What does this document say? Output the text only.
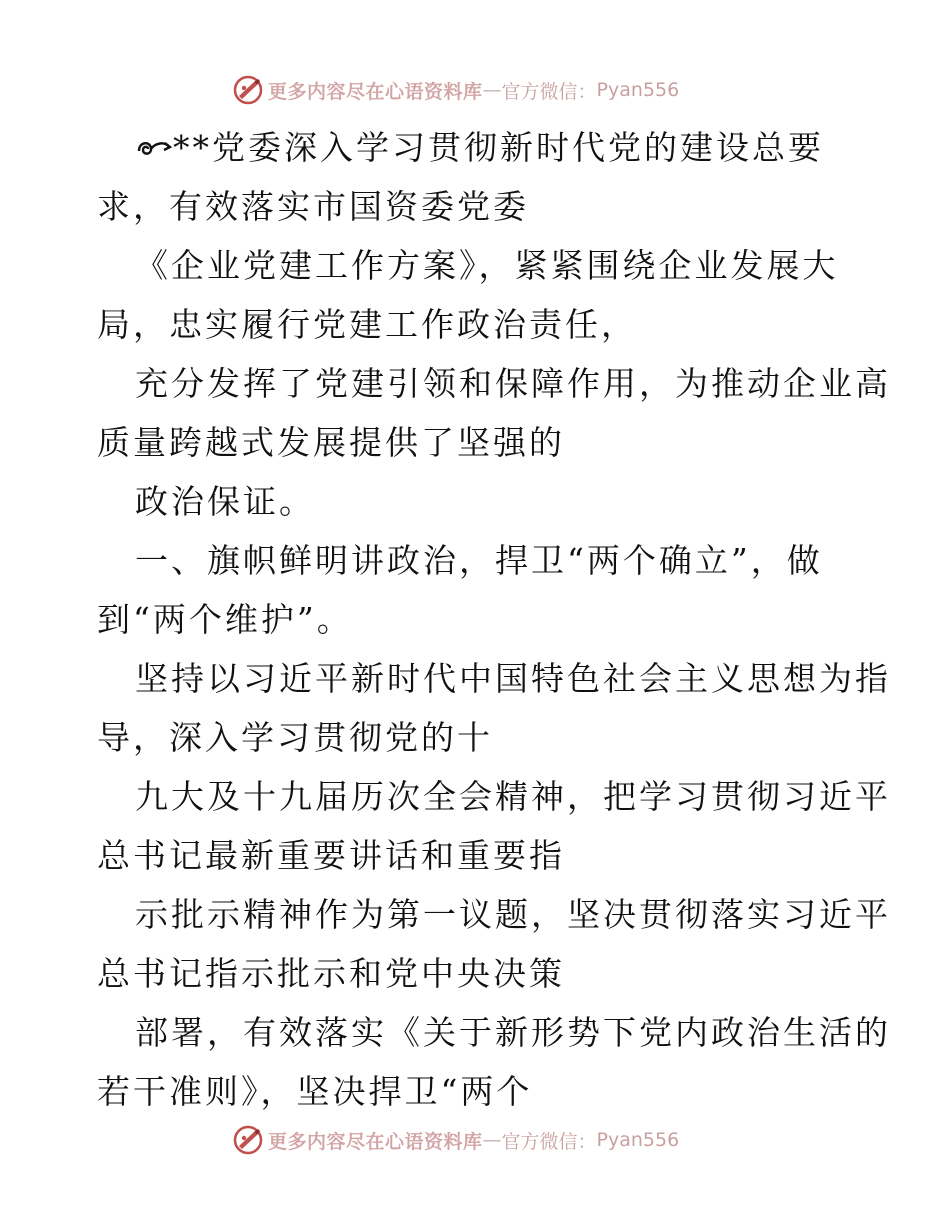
更多内容尽在心语资料库 — 官方微信： Pyan556
**党委深入学习贯彻新时代党的建设总要
求，有效落实市国资委党委
《企业党建工作方案》，紧紧围绕企业发展大
局，忠实履行党建工作政治责任，
充分发挥了党建引领和保障作用，为推动企业高
质量跨越式发展提供了坚强的
政治保证。
一、旗帜鲜明讲政治，捍卫“两个确立”，做
到“两个维护”。
坚持以习近平新时代中国特色社会主义思想为指
导，深入学习贯彻党的十
九大及十九届历次全会精神，把学习贯彻习近平
总书记最新重要讲话和重要指
示批示精神作为第一议题，坚决贯彻落实习近平
总书记指示批示和党中央决策
部署，有效落实《关于新形势下党内政治生活的
若干准则》，坚决捍卫“两个
更多内容尽在心语资料库 — 官方微信： Pyan556
